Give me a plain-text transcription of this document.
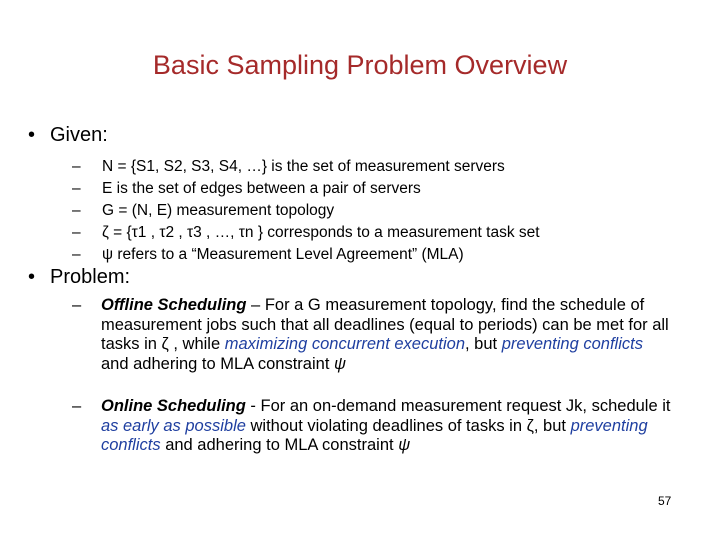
Basic Sampling Problem Overview
• Given:
– N = {S1, S2, S3, S4, …} is the set of measurement servers
– E is the set of edges between a pair of servers
– G = (N, E) measurement topology
– ζ = {τ1 , τ2 , τ3 , …, τn } corresponds to a measurement task set
– ψ refers to a “Measurement Level Agreement” (MLA)
• Problem:
– Offline Scheduling – For a G measurement topology, find the schedule of measurement jobs such that all deadlines (equal to periods) can be met for all tasks in ζ , while maximizing concurrent execution, but preventing conflicts and adhering to MLA constraint ψ
– Online Scheduling - For an on-demand measurement request Jk, schedule it as early as possible without violating deadlines of tasks in ζ, but preventing conflicts and adhering to MLA constraint ψ
57
